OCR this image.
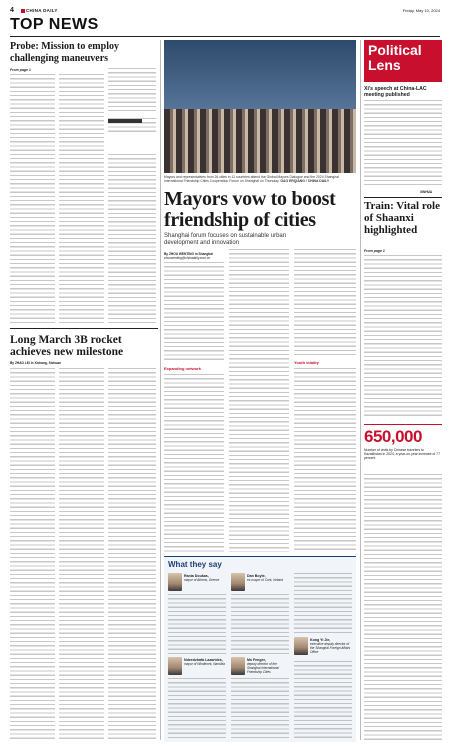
4	CHINA DAILY	Friday, May 10, 2024
TOP NEWS
Probe: Mission to employ challenging maneuvers
From page 1
Long March 3B rocket achieves new milestone
By ZHAO LEI in Xichang, Sichuan
Mayors and representatives from 26 cities in 11 countries attend the Global Mayors Dialogue and the 2024 Shanghai International Friendship Cities Cooperation Forum on Shanghai on Thursday. GAO ERQIANG / CHINA DAILY
Mayors vow to boost friendship of cities
Shanghai forum focuses on sustainable urban development and innovation
By ZHOU WENTING in Shanghai
zhouwenting@chinadaily.com.cn
Expanding network
Youth vitality
What they say
Rania Doukas,
mayor of Athens, Greece
Ndeedzhafa Lazarides,
mayor of Windhoek, Namibia
Dan Boyle,
ex-mayor of Cork, Ireland
Ms Fenger,
deputy director of the Shanghai International Friendship Cities
Kong Yi Jie,
executive deputy director of the Shanghai Foreign Affairs Office
Political Lens
Xi's speech at China-LAC meeting published
XINHUA
Train: Vital role of Shaanxi highlighted
From page 1
650,000
Number of visits by Chinese travelers to Kazakhstan in 2024, a year-on-year increase of 77 percent
